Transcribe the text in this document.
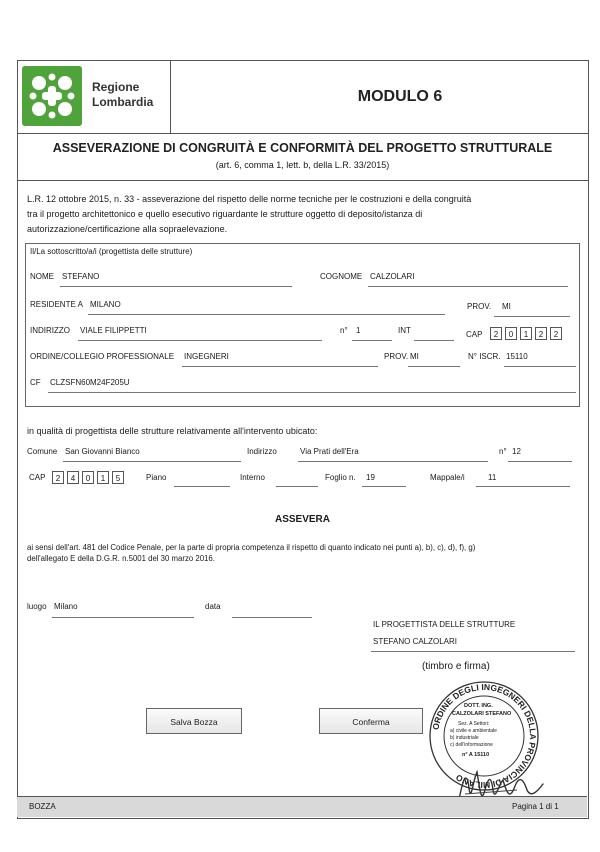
Regione
Lombardia	MODULO 6
ASSEVERAZIONE DI CONGRUITÀ E CONFORMITÀ DEL PROGETTO STRUTTURALE
(art. 6, comma 1, lett. b, della L.R. 33/2015)
L.R. 12 ottobre 2015, n. 33 - asseverazione del rispetto delle norme tecniche per le costruzioni e della congruità
tra il progetto architettonico e quello esecutivo riguardante le strutture oggetto di deposito/istanza di
autorizzazione/certificazione alla sopraelevazione.
Il/La sottoscritto/a/i (progettista delle strutture)
NOME STEFANO	COGNOME CALZOLARI
RESIDENTE A MILANO	PROV. MI
INDIRIZZO VIALE FILIPPETTI	n° 1	INT	CAP	2	0	1	2	2
ORDINE/COLLEGIO PROFESSIONALE INGEGNERI	PROV. MI	N° ISCR. 15110
CF CLZSFN60M24F205U
in qualità di progettista delle strutture relativamente all'intervento ubicato:
Comune San Giovanni Bianco	Indirizzo	Via Prati dell'Era	n° 12
CAP	2	4	0	1	5	Piano	Interno	Foglio n. 19	Mappale/i	11
ASSEVERA
ai sensi dell'art. 481 del Codice Penale, per la parte di propria competenza il rispetto di quanto indicato nei punti a), b), c), d), f), g)
dell'allegato E della D.G.R. n.5001 del 30 marzo 2016.
luogo Milano	data
IL PROGETTISTA DELLE STRUTTURE
STEFANO CALZOLARI
(timbro e firma)
Salva Bozza	Conferma	ORDINE DEGLI INGEGNERI DELLA PROVINCIA DI MILANO
DOTT. ING.
CALZOLARI STEFANO
Sez. A Settori:
a) civile e ambientale
b) industriale
c) dell'informazione
n° A 15110
BOZZA	Pagina 1 di 1
